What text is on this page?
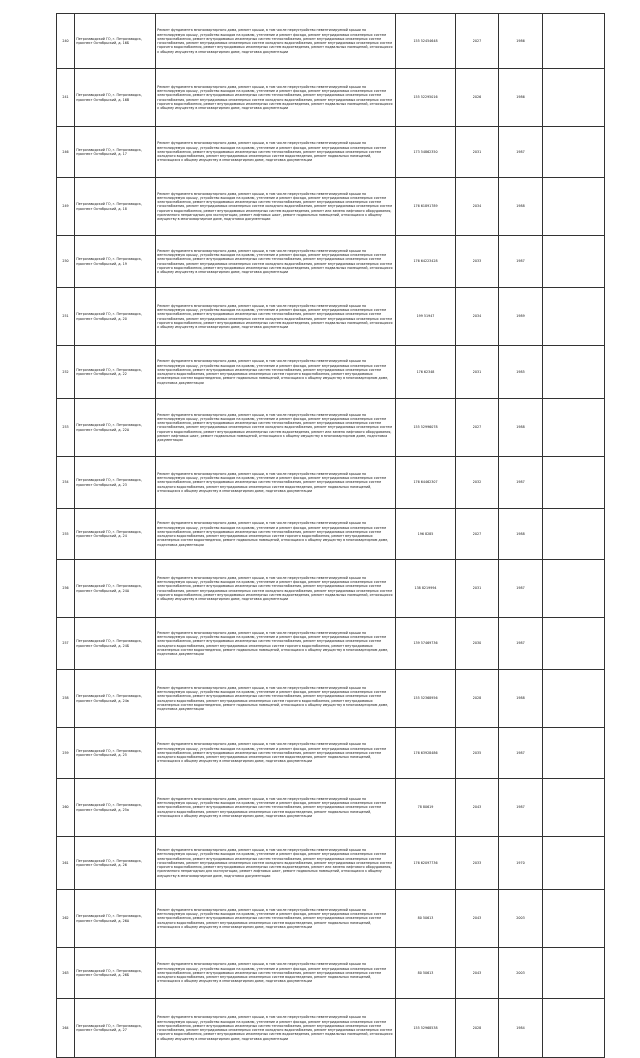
240	Петрозаводский ГО, г. Петрозаводск, проспект Октябрьский, д. 16Б	Ремонт фундамента многоквартирного дома, ремонт крыши, в том числе переустройство невентилируемой крыши на вентилируемую крышу, устройство выходов на кровлю, утепление и ремонт фасада, ремонт внутридомовых инженерных систем электроснабжения, ремонт внутридомовых инженерных систем теплоснабжения, ремонт внутридомовых инженерных систем газоснабжения, ремонт внутридомовых инженерных систем холодного водоснабжения, ремонт внутридомовых инженерных систем горячего водоснабжения, ремонт внутридомовых инженерных систем водоотведения, ремонт подвальных помещений, относящихся к общему имуществу в многоквартирном доме, подготовка документации	155 52454648	2027	1986	
241	Петрозаводский ГО, г. Петрозаводск, проспект Октябрьский, д. 16В	Ремонт фундамента многоквартирного дома, ремонт крыши, в том числе переустройство невентилируемой крыши на вентилируемую крышу, устройство выходов на кровлю, утепление и ремонт фасада, ремонт внутридомовых инженерных систем электроснабжения, ремонт внутридомовых инженерных систем теплоснабжения, ремонт внутридомовых инженерных систем газоснабжения, ремонт внутридомовых инженерных систем холодного водоснабжения, ремонт внутридомовых инженерных систем горячего водоснабжения, ремонт внутридомовых инженерных систем водоотведения, ремонт подвальных помещений, относящихся к общему имуществу в многоквартирном доме, подготовка документации	155 52295016	2026	1986	
246	Петрозаводский ГО, г. Петрозаводск, проспект Октябрьский, д. 17	Ремонт фундамента многоквартирного дома, ремонт крыши, в том числе переустройство невентилируемой крыши на вентилируемую крышу, устройство выходов на кровлю, утепление и ремонт фасада, ремонт внутридомовых инженерных систем электроснабжения, ремонт внутридомовых инженерных систем теплоснабжения, ремонт внутридомовых инженерных систем холодного водоснабжения, ремонт внутридомовых инженерных систем водоотведения, ремонт подвальных помещений, относящихся к общему имуществу в многоквартирном доме, подготовка документации	173 54862350	2031	1987	
249	Петрозаводский ГО, г. Петрозаводск, проспект Октябрьский, д. 18	Ремонт фундамента многоквартирного дома, ремонт крыши, в том числе переустройство невентилируемой крыши на вентилируемую крышу, устройство выходов на кровлю, утепление и ремонт фасада, ремонт внутридомовых инженерных систем электроснабжения, ремонт внутридомовых инженерных систем теплоснабжения, ремонт внутридомовых инженерных систем газоснабжения, ремонт внутридомовых инженерных систем холодного водоснабжения, ремонт внутридомовых инженерных систем горячего водоснабжения, ремонт внутридомовых инженерных систем водоотведения, ремонт или замена лифтового оборудования, признанного непригодным для эксплуатации, ремонт лифтовых шахт, ремонт подвальных помещений, относящихся к общему имуществу в многоквартирном доме, подготовка документации	176 61891789	2034	1988	
250	Петрозаводский ГО, г. Петрозаводск, проспект Октябрьский, д. 19	Ремонт фундамента многоквартирного дома, ремонт крыши, в том числе переустройство невентилируемой крыши на вентилируемую крышу, устройство выходов на кровлю, утепление и ремонт фасада, ремонт внутридомовых инженерных систем электроснабжения, ремонт внутридомовых инженерных систем теплоснабжения, ремонт внутридомовых инженерных систем газоснабжения, ремонт внутридомовых инженерных систем холодного водоснабжения, ремонт внутридомовых инженерных систем горячего водоснабжения, ремонт внутридомовых инженерных систем водоотведения, ремонт подвальных помещений, относящихся к общему имуществу в многоквартирном доме, подготовка документации	176 64223428	2033	1987	
251	Петрозаводский ГО, г. Петрозаводск, проспект Октябрьский, д. 20	Ремонт фундамента многоквартирного дома, ремонт крыши, в том числе переустройство невентилируемой крыши на вентилируемую крышу, устройство выходов на кровлю, утепление и ремонт фасада, ремонт внутридомовых инженерных систем электроснабжения, ремонт внутридомовых инженерных систем теплоснабжения, ремонт внутридомовых инженерных систем газоснабжения, ремонт внутридомовых инженерных систем холодного водоснабжения, ремонт внутридомовых инженерных систем горячего водоснабжения, ремонт внутридомовых инженерных систем водоотведения, ремонт подвальных помещений, относящихся к общему имуществу в многоквартирном доме, подготовка документации	199 51947	2034	1989	
252	Петрозаводский ГО, г. Петрозаводск, проспект Октябрьский, д. 22	Ремонт фундамента многоквартирного дома, ремонт крыши, в том числе переустройство невентилируемой крыши на вентилируемую крышу, устройство выходов на кровлю, утепление и ремонт фасада, ремонт внутридомовых инженерных систем электроснабжения, ремонт внутридомовых инженерных систем теплоснабжения, ремонт внутридомовых инженерных систем холодного водоснабжения, ремонт внутридомовых инженерных систем горячего водоснабжения, ремонт внутридомовых инженерных систем водоотведения, ремонт подвальных помещений, относящихся к общему имуществу в многоквартирном доме, подготовка документации	176 62348	2031	1985	
253	Петрозаводский ГО, г. Петрозаводск, проспект Октябрьский, д. 22А	Ремонт фундамента многоквартирного дома, ремонт крыши, в том числе переустройство невентилируемой крыши на вентилируемую крышу, устройство выходов на кровлю, утепление и ремонт фасада, ремонт внутридомовых инженерных систем электроснабжения, ремонт внутридомовых инженерных систем теплоснабжения, ремонт внутридомовых инженерных систем газоснабжения, ремонт внутридомовых инженерных систем холодного водоснабжения, ремонт внутридомовых инженерных систем горячего водоснабжения, ремонт внутридомовых инженерных систем водоотведения, ремонт или замена лифтового оборудования, ремонт лифтовых шахт, ремонт подвальных помещений, относящихся к общему имуществу в многоквартирном доме, подготовка документации	155 52996078	2027	1988	
254	Петрозаводский ГО, г. Петрозаводск, проспект Октябрьский, д. 23	Ремонт фундамента многоквартирного дома, ремонт крыши, в том числе переустройство невентилируемой крыши на вентилируемую крышу, устройство выходов на кровлю, утепление и ремонт фасада, ремонт внутридомовых инженерных систем электроснабжения, ремонт внутридомовых инженерных систем теплоснабжения, ремонт внутридомовых инженерных систем холодного водоснабжения, ремонт внутридомовых инженерных систем водоотведения, ремонт подвальных помещений, относящихся к общему имуществу в многоквартирном доме, подготовка документации	176 64462307	2032	1987	
255	Петрозаводский ГО, г. Петрозаводск, проспект Октябрьский, д. 24	Ремонт фундамента многоквартирного дома, ремонт крыши, в том числе переустройство невентилируемой крыши на вентилируемую крышу, устройство выходов на кровлю, утепление и ремонт фасада, ремонт внутридомовых инженерных систем электроснабжения, ремонт внутридомовых инженерных систем теплоснабжения, ремонт внутридомовых инженерных систем холодного водоснабжения, ремонт внутридомовых инженерных систем горячего водоснабжения, ремонт внутридомовых инженерных систем водоотведения, ремонт подвальных помещений, относящихся к общему имуществу в многоквартирном доме, подготовка документации	196 8285	2027	1988	
256	Петрозаводский ГО, г. Петрозаводск, проспект Октябрьский, д. 24А	Ремонт фундамента многоквартирного дома, ремонт крыши, в том числе переустройство невентилируемой крыши на вентилируемую крышу, устройство выходов на кровлю, утепление и ремонт фасада, ремонт внутридомовых инженерных систем электроснабжения, ремонт внутридомовых инженерных систем теплоснабжения, ремонт внутридомовых инженерных систем газоснабжения, ремонт внутридомовых инженерных систем холодного водоснабжения, ремонт внутридомовых инженерных систем горячего водоснабжения, ремонт внутридомовых инженерных систем водоотведения, ремонт подвальных помещений, относящихся к общему имуществу в многоквартирном доме, подготовка документации	138 8219994	2031	1987	
257	Петрозаводский ГО, г. Петрозаводск, проспект Октябрьский, д. 24Б	Ремонт фундамента многоквартирного дома, ремонт крыши, в том числе переустройство невентилируемой крыши на вентилируемую крышу, устройство выходов на кровлю, утепление и ремонт фасада, ремонт внутридомовых инженерных систем электроснабжения, ремонт внутридомовых инженерных систем теплоснабжения, ремонт внутридомовых инженерных систем холодного водоснабжения, ремонт внутридомовых инженерных систем горячего водоснабжения, ремонт внутридомовых инженерных систем водоотведения, ремонт подвальных помещений, относящихся к общему имуществу в многоквартирном доме, подготовка документации	139 57469736	2030	1987	
258	Петрозаводский ГО, г. Петрозаводск, проспект Октябрьский, д. 24в	Ремонт фундамента многоквартирного дома, ремонт крыши, в том числе переустройство невентилируемой крыши на вентилируемую крышу, устройство выходов на кровлю, утепление и ремонт фасада, ремонт внутридомовых инженерных систем электроснабжения, ремонт внутридомовых инженерных систем теплоснабжения, ремонт внутридомовых инженерных систем холодного водоснабжения, ремонт внутридомовых инженерных систем горячего водоснабжения, ремонт внутридомовых инженерных систем водоотведения, ремонт подвальных помещений, относящихся к общему имуществу в многоквартирном доме, подготовка документации	155 52368956	2028	1988	
259	Петрозаводский ГО, г. Петрозаводск, проспект Октябрьский, д. 25	Ремонт фундамента многоквартирного дома, ремонт крыши, в том числе переустройство невентилируемой крыши на вентилируемую крышу, устройство выходов на кровлю, утепление и ремонт фасада, ремонт внутридомовых инженерных систем электроснабжения, ремонт внутридомовых инженерных систем теплоснабжения, ремонт внутридомовых инженерных систем холодного водоснабжения, ремонт внутридомовых инженерных систем водоотведения, ремонт подвальных помещений, относящихся к общему имуществу в многоквартирном доме, подготовка документации	176 63928486	2035	1987	
260	Петрозаводский ГО, г. Петрозаводск, проспект Октябрьский, д. 25а	Ремонт фундамента многоквартирного дома, ремонт крыши, в том числе переустройство невентилируемой крыши на вентилируемую крышу, устройство выходов на кровлю, утепление и ремонт фасада, ремонт внутридомовых инженерных систем электроснабжения, ремонт внутридомовых инженерных систем теплоснабжения, ремонт внутридомовых инженерных систем холодного водоснабжения, ремонт внутридомовых инженерных систем водоотведения, ремонт подвальных помещений, относящихся к общему имуществу в многоквартирном доме, подготовка документации	78 80619	2043	1987	
261	Петрозаводский ГО, г. Петрозаводск, проспект Октябрьский, д. 26	Ремонт фундамента многоквартирного дома, ремонт крыши, в том числе переустройство невентилируемой крыши на вентилируемую крышу, устройство выходов на кровлю, утепление и ремонт фасада, ремонт внутридомовых инженерных систем электроснабжения, ремонт внутридомовых инженерных систем теплоснабжения, ремонт внутридомовых инженерных систем газоснабжения, ремонт внутридомовых инженерных систем холодного водоснабжения, ремонт внутридомовых инженерных систем горячего водоснабжения, ремонт внутридомовых инженерных систем водоотведения, ремонт или замена лифтового оборудования, признанного непригодным для эксплуатации, ремонт лифтовых шахт, ремонт подвальных помещений, относящихся к общему имуществу в многоквартирном доме, подготовка документации	176 62097736	2033	1970	
262	Петрозаводский ГО, г. Петрозаводск, проспект Октябрьский, д. 26А	Ремонт фундамента многоквартирного дома, ремонт крыши, в том числе переустройство невентилируемой крыши на вентилируемую крышу, устройство выходов на кровлю, утепление и ремонт фасада, ремонт внутридомовых инженерных систем электроснабжения, ремонт внутридомовых инженерных систем теплоснабжения, ремонт внутридомовых инженерных систем холодного водоснабжения, ремонт внутридомовых инженерных систем водоотведения, ремонт подвальных помещений, относящихся к общему имуществу в многоквартирном доме, подготовка документации	80 50613	2043	2003	
263	Петрозаводский ГО, г. Петрозаводск, проспект Октябрьский, д. 26Б	Ремонт фундамента многоквартирного дома, ремонт крыши, в том числе переустройство невентилируемой крыши на вентилируемую крышу, устройство выходов на кровлю, утепление и ремонт фасада, ремонт внутридомовых инженерных систем электроснабжения, ремонт внутридомовых инженерных систем теплоснабжения, ремонт внутридомовых инженерных систем холодного водоснабжения, ремонт внутридомовых инженерных систем водоотведения, ремонт подвальных помещений, относящихся к общему имуществу в многоквартирном доме, подготовка документации	80 50613	2043	2003	
264	Петрозаводский ГО, г. Петрозаводск, проспект Октябрьский, д. 27	Ремонт фундамента многоквартирного дома, ремонт крыши, в том числе переустройство невентилируемой крыши на вентилируемую крышу, устройство выходов на кровлю, утепление и ремонт фасада, ремонт внутридомовых инженерных систем электроснабжения, ремонт внутридомовых инженерных систем теплоснабжения, ремонт внутридомовых инженерных систем газоснабжения, ремонт внутридомовых инженерных систем холодного водоснабжения, ремонт внутридомовых инженерных систем горячего водоснабжения, ремонт внутридомовых инженерных систем водоотведения, ремонт подвальных помещений, относящихся к общему имуществу в многоквартирном доме, подготовка документации	155 52968538	2028	1984	
